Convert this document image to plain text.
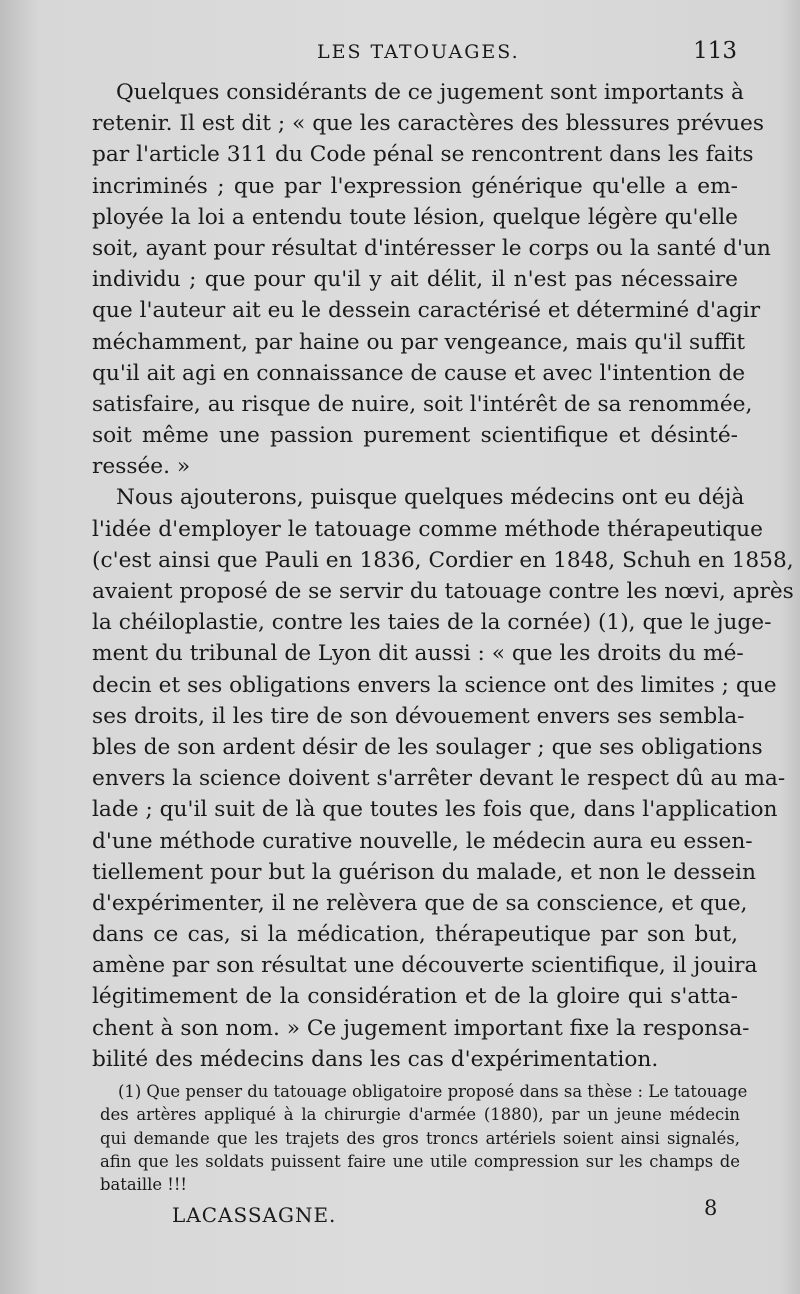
LES TATOUAGES.	113
Quelques considérants de ce jugement sont importants à
retenir. Il est dit ; « que les caractères des blessures prévues
par l'article 311 du Code pénal se rencontrent dans les faits
incriminés ; que par l'expression générique qu'elle a em-
ployée la loi a entendu toute lésion, quelque légère qu'elle
soit, ayant pour résultat d'intéresser le corps ou la santé d'un
individu ; que pour qu'il y ait délit, il n'est pas nécessaire
que l'auteur ait eu le dessein caractérisé et déterminé d'agir
méchamment, par haine ou par vengeance, mais qu'il suffit
qu'il ait agi en connaissance de cause et avec l'intention de
satisfaire, au risque de nuire, soit l'intérêt de sa renommée,
soit même une passion purement scientifique et désinté-
ressée. »
Nous ajouterons, puisque quelques médecins ont eu déjà
l'idée d'employer le tatouage comme méthode thérapeutique
(c'est ainsi que Pauli en 1836, Cordier en 1848, Schuh en 1858,
avaient proposé de se servir du tatouage contre les nœvi, après
la chéiloplastie, contre les taies de la cornée) (1), que le juge-
ment du tribunal de Lyon dit aussi : « que les droits du mé-
decin et ses obligations envers la science ont des limites ; que
ses droits, il les tire de son dévouement envers ses sembla-
bles de son ardent désir de les soulager ; que ses obligations
envers la science doivent s'arrêter devant le respect dû au ma-
lade ; qu'il suit de là que toutes les fois que, dans l'application
d'une méthode curative nouvelle, le médecin aura eu essen-
tiellement pour but la guérison du malade, et non le dessein
d'expérimenter, il ne relèvera que de sa conscience, et que,
dans ce cas, si la médication, thérapeutique par son but,
amène par son résultat une découverte scientifique, il jouira
légitimement de la considération et de la gloire qui s'atta-
chent à son nom. » Ce jugement important fixe la responsa-
bilité des médecins dans les cas d'expérimentation.
(1) Que penser du tatouage obligatoire proposé dans sa thèse : Le tatouage
des artères appliqué à la chirurgie d'armée (1880), par un jeune médecin
qui demande que les trajets des gros troncs artériels soient ainsi signalés,
afin que les soldats puissent faire une utile compression sur les champs de
bataille !!!
LACASSAGNE.	8
